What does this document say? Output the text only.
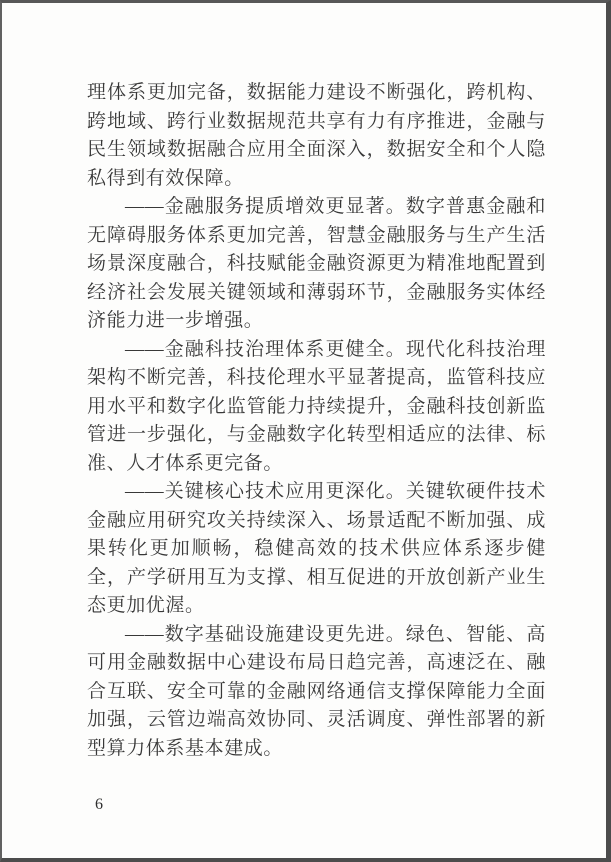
理体系更加完备，数据能力建设不断强化，跨机构、跨地域、跨行业数据规范共享有力有序推进，金融与民生领域数据融合应用全面深入，数据安全和个人隐私得到有效保障。

——金融服务提质增效更显著。数字普惠金融和无障碍服务体系更加完善，智慧金融服务与生产生活场景深度融合，科技赋能金融资源更为精准地配置到经济社会发展关键领域和薄弱环节，金融服务实体经济能力进一步增强。

——金融科技治理体系更健全。现代化科技治理架构不断完善，科技伦理水平显著提高，监管科技应用水平和数字化监管能力持续提升，金融科技创新监管进一步强化，与金融数字化转型相适应的法律、标准、人才体系更完备。

——关键核心技术应用更深化。关键软硬件技术金融应用研究攻关持续深入、场景适配不断加强、成果转化更加顺畅，稳健高效的技术供应体系逐步健全，产学研用互为支撑、相互促进的开放创新产业生态更加优渥。

——数字基础设施建设更先进。绿色、智能、高可用金融数据中心建设布局日趋完善，高速泛在、融合互联、安全可靠的金融网络通信支撑保障能力全面加强，云管边端高效协同、灵活调度、弹性部署的新型算力体系基本建成。

6
